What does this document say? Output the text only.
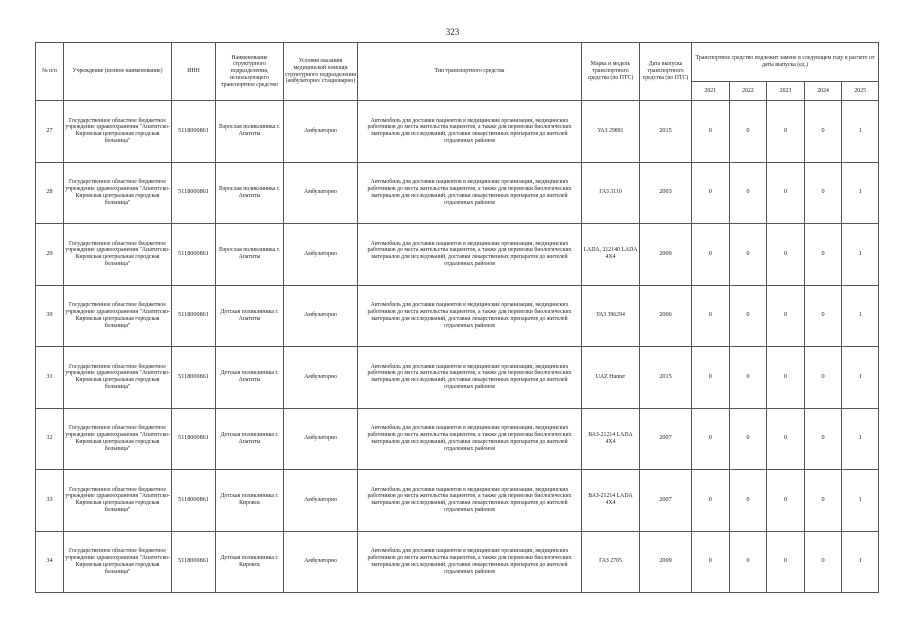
323
№ п/п	Учреждение (полное наименование)	ИНН	Наименование структурного подразделения, использующего транспортное средство	Условия оказания медицинской помощи структурного подразделения (амбулаторно/ стационарно)	Тип транспортного средства	Марка и модель транспортного средства (по ПТС)	Дата выпуска транспортного средства (по ПТС)	Транспортное средство подлежит замене в следующем году в расчете от даты выпуска (ед.)				
								2021	2022	2023	2024	2025
27	Государственное областное бюджетное учреждение здравоохранения "Апатитско-Кировская центральная городская больница"	5118000861	Взрослая поликлиника г. Апатиты	Амбулаторно	Автомобиль для доставки пациентов в медицинские организации, медицинских работников до места жительства пациентов, а также для перевозки биологических материалов для исследований, доставки лекарственных препаратов до жителей отдаленных районов	УАЗ 29891	2015	0	0	0	0	1
28	Государственное областное бюджетное учреждение здравоохранения "Апатитско-Кировская центральная городская больница"	5118000861	Взрослая поликлиника г. Апатиты	Амбулаторно	Автомобиль для доставки пациентов в медицинские организации, медицинских работников до места жительства пациентов, а также для перевозки биологических материалов для исследований, доставки лекарственных препаратов до жителей отдаленных районов	ГАЗ 3110	2003	0	0	0	0	1
29	Государственное областное бюджетное учреждение здравоохранения "Апатитско-Кировская центральная городская больница"	5118000861	Взрослая поликлиника г. Апатиты	Амбулаторно	Автомобиль для доставки пациентов в медицинские организации, медицинских работников до места жительства пациентов, а также для перевозки биологических материалов для исследований, доставки лекарственных препаратов до жителей отдаленных районов	LADA, 212140 LADA 4X4	2009	0	0	0	0	1
30	Государственное областное бюджетное учреждение здравоохранения "Апатитско-Кировская центральная городская больница"	5118000861	Детская поликлиника г. Апатиты	Амбулаторно	Автомобиль для доставки пациентов в медицинские организации, медицинских работников до места жительства пациентов, а также для перевозки биологических материалов для исследований, доставки лекарственных препаратов до жителей отдаленных районов	УАЗ 396294	2006	0	0	0	0	1
31	Государственное областное бюджетное учреждение здравоохранения "Апатитско-Кировская центральная городская больница"	5118000861	Детская поликлиника г. Апатиты	Амбулаторно	Автомобиль для доставки пациентов в медицинские организации, медицинских работников до места жительства пациентов, а также для перевозки биологических материалов для исследований, доставки лекарственных препаратов до жителей отдаленных районов	UAZ Hunter	2015	0	0	0	0	1
32	Государственное областное бюджетное учреждение здравоохранения "Апатитско-Кировская центральная городская больница"	5118000861	Детская поликлиника г. Апатиты	Амбулаторно	Автомобиль для доставки пациентов в медицинские организации, медицинских работников до места жительства пациентов, а также для перевозки биологических материалов для исследований, доставки лекарственных препаратов до жителей отдаленных районов	ВАЗ-21214 LADA 4X4	2007	0	0	0	0	1
33	Государственное областное бюджетное учреждение здравоохранения "Апатитско-Кировская центральная городская больница"	5118000861	Детская поликлиника г. Кировск	Амбулаторно	Автомобиль для доставки пациентов в медицинские организации, медицинских работников до места жительства пациентов, а также для перевозки биологических материалов для исследований, доставки лекарственных препаратов до жителей отдаленных районов	ВАЗ-21214 LADA 4X4	2007	0	0	0	0	1
34	Государственное областное бюджетное учреждение здравоохранения "Апатитско-Кировская центральная городская больница"	5118000861	Детская поликлиника г. Кировск	Амбулаторно	Автомобиль для доставки пациентов в медицинские организации, медицинских работников до места жительства пациентов, а также для перевозки биологических материалов для исследований, доставки лекарственных препаратов до жителей отдаленных районов	ГАЗ 2705	2009	0	0	0	0	1
